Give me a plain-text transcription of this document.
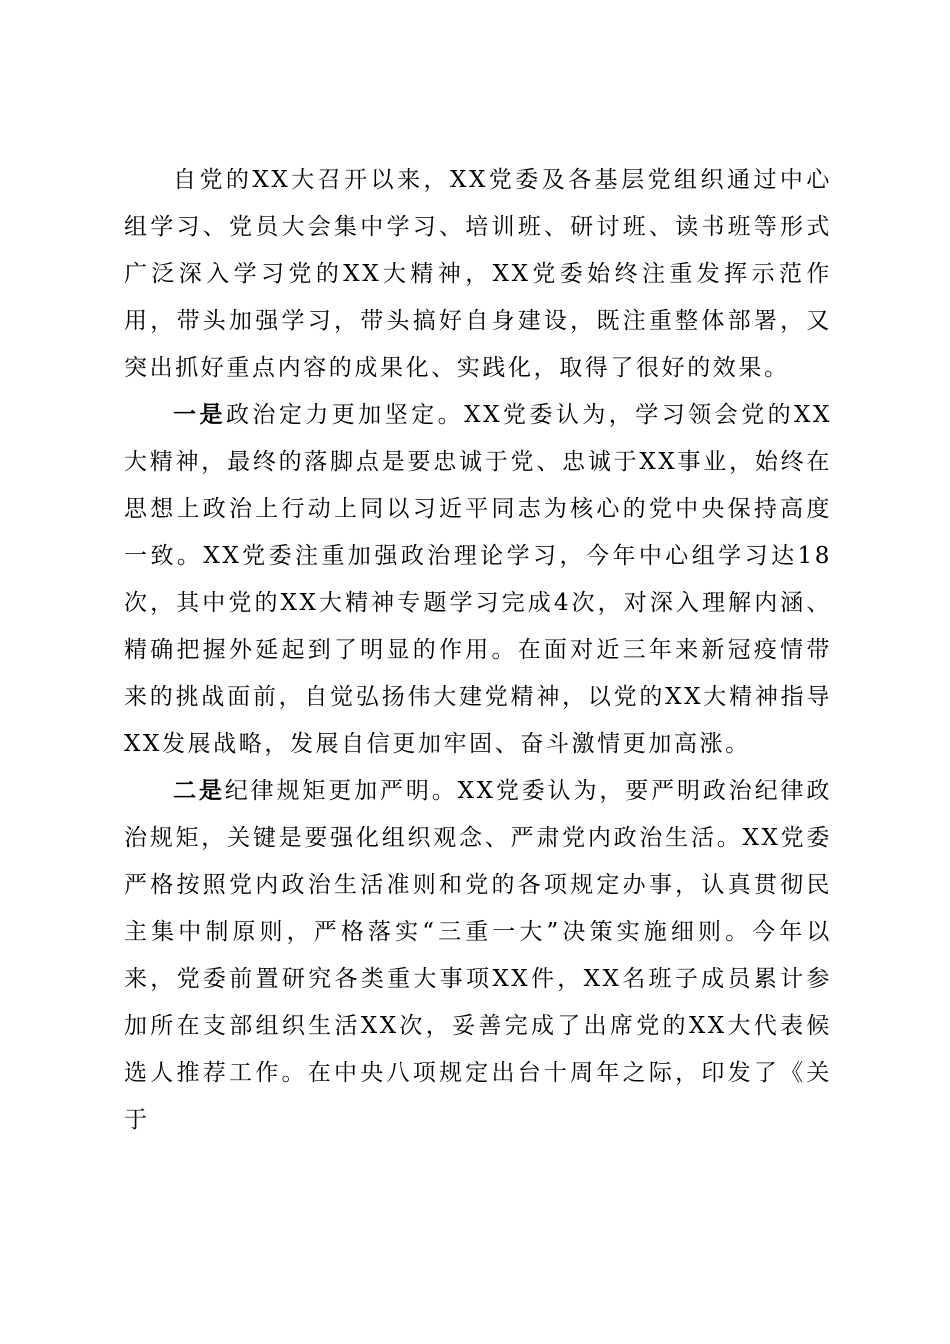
自党的XX大召开以来，XX党委及各基层党组织通过中心组学习、党员大会集中学习、培训班、研讨班、读书班等形式广泛深入学习党的XX大精神，XX党委始终注重发挥示范作用，带头加强学习，带头搞好自身建设，既注重整体部署，又突出抓好重点内容的成果化、实践化，取得了很好的效果。

一是政治定力更加坚定。XX党委认为，学习领会党的XX大精神，最终的落脚点是要忠诚于党、忠诚于XX事业，始终在思想上政治上行动上同以习近平同志为核心的党中央保持高度一致。XX党委注重加强政治理论学习，今年中心组学习达18次，其中党的XX大精神专题学习完成4次，对深入理解内涵、精确把握外延起到了明显的作用。在面对近三年来新冠疫情带来的挑战面前，自觉弘扬伟大建党精神，以党的XX大精神指导XX发展战略，发展自信更加牢固、奋斗激情更加高涨。

二是纪律规矩更加严明。XX党委认为，要严明政治纪律政治规矩，关键是要强化组织观念、严肃党内政治生活。XX党委严格按照党内政治生活准则和党的各项规定办事，认真贯彻民主集中制原则，严格落实“三重一大”决策实施细则。今年以来，党委前置研究各类重大事项XX件，XX名班子成员累计参加所在支部组织生活XX次，妥善完成了出席党的XX大代表候选人推荐工作。在中央八项规定出台十周年之际，印发了《关于
